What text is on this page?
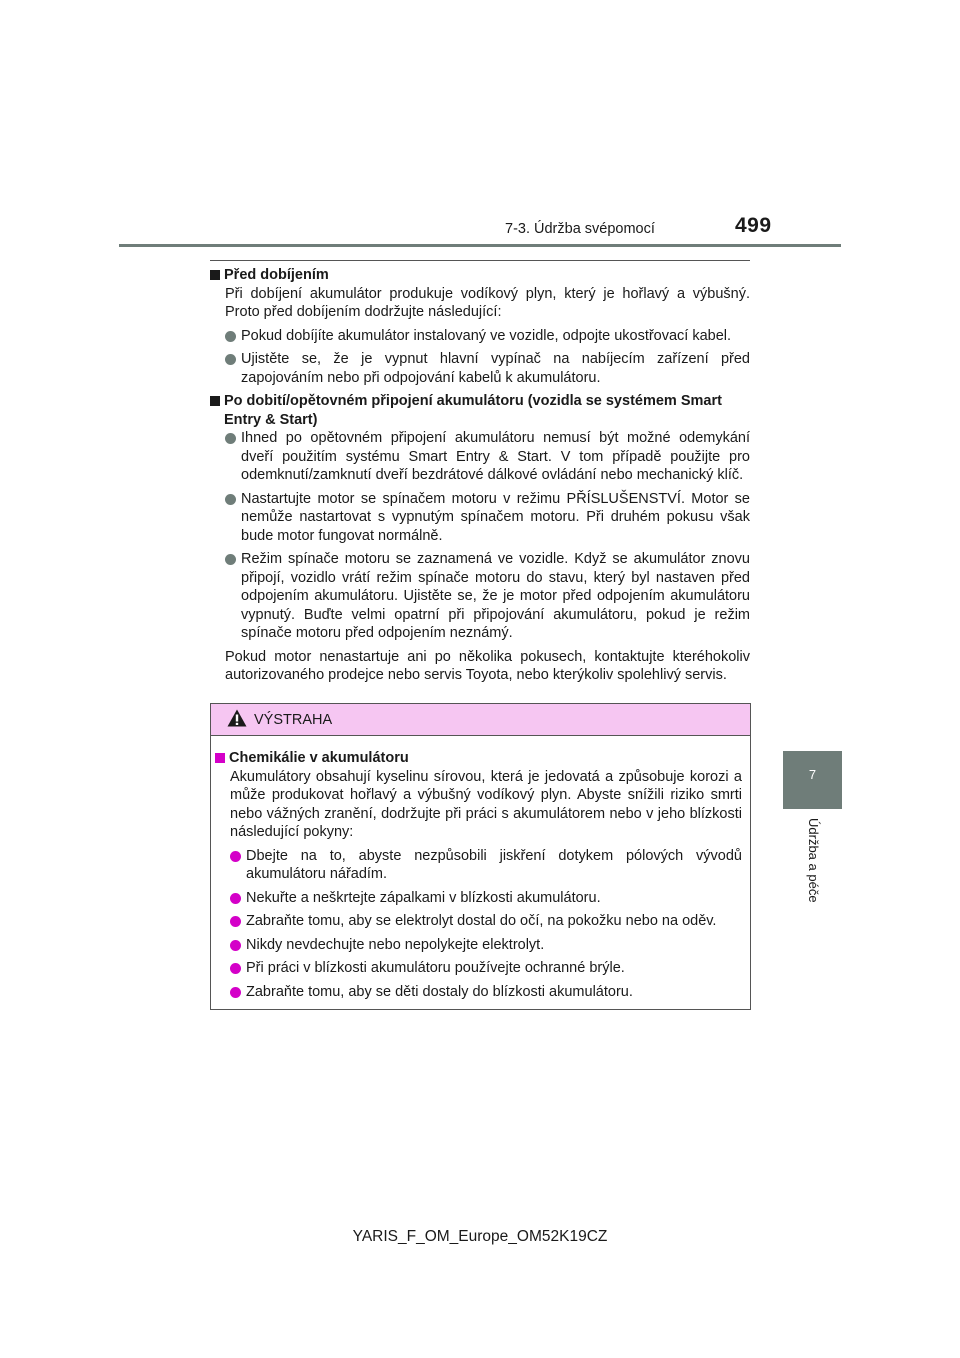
7-3. Údržba svépomocí	499
7
Údržba a péče

Před dobíjením

Při dobíjení akumulátor produkuje vodíkový plyn, který je hořlavý a výbušný. Proto před dobíjením dodržujte následující:

Pokud dobíjíte akumulátor instalovaný ve vozidle, odpojte ukostřovací kabel.

Ujistěte se, že je vypnut hlavní vypínač na nabíjecím zařízení před zapojováním nebo při odpojování kabelů k akumulátoru.

Po dobití/opětovném připojení akumulátoru (vozidla se systémem Smart Entry & Start)

Ihned po opětovném připojení akumulátoru nemusí být možné odemykání dveří použitím systému Smart Entry & Start. V tom případě použijte pro odemknutí/zamknutí dveří bezdrátové dálkové ovládání nebo mechanický klíč.

Nastartujte motor se spínačem motoru v režimu PŘÍSLUŠENSTVÍ. Motor se nemůže nastartovat s vypnutým spínačem motoru. Při druhém pokusu však bude motor fungovat normálně.

Režim spínače motoru se zaznamená ve vozidle. Když se akumulátor znovu připojí, vozidlo vrátí režim spínače motoru do stavu, který byl nastaven před odpojením akumulátoru. Ujistěte se, že je motor před odpojením akumulátoru vypnutý. Buďte velmi opatrní při připojování akumulátoru, pokud je režim spínače motoru před odpojením neznámý.

Pokud motor nenastartuje ani po několika pokusech, kontaktujte kteréhokoliv autorizovaného prodejce nebo servis Toyota, nebo kterýkoliv spolehlivý servis.

VÝSTRAHA

Chemikálie v akumulátoru

Akumulátory obsahují kyselinu sírovou, která je jedovatá a způsobuje korozi a může produkovat hořlavý a výbušný vodíkový plyn. Abyste snížili riziko smrti nebo vážných zranění, dodržujte při práci s akumulátorem nebo v jeho blízkosti následující pokyny:

Dbejte na to, abyste nezpůsobili jiskření dotykem pólových vývodů akumulátoru nářadím.

Nekuřte a neškrtejte zápalkami v blízkosti akumulátoru.

Zabraňte tomu, aby se elektrolyt dostal do očí, na pokožku nebo na oděv.

Nikdy nevdechujte nebo nepolykejte elektrolyt.

Při práci v blízkosti akumulátoru používejte ochranné brýle.

Zabraňte tomu, aby se děti dostaly do blízkosti akumulátoru.

YARIS_F_OM_Europe_OM52K19CZ
